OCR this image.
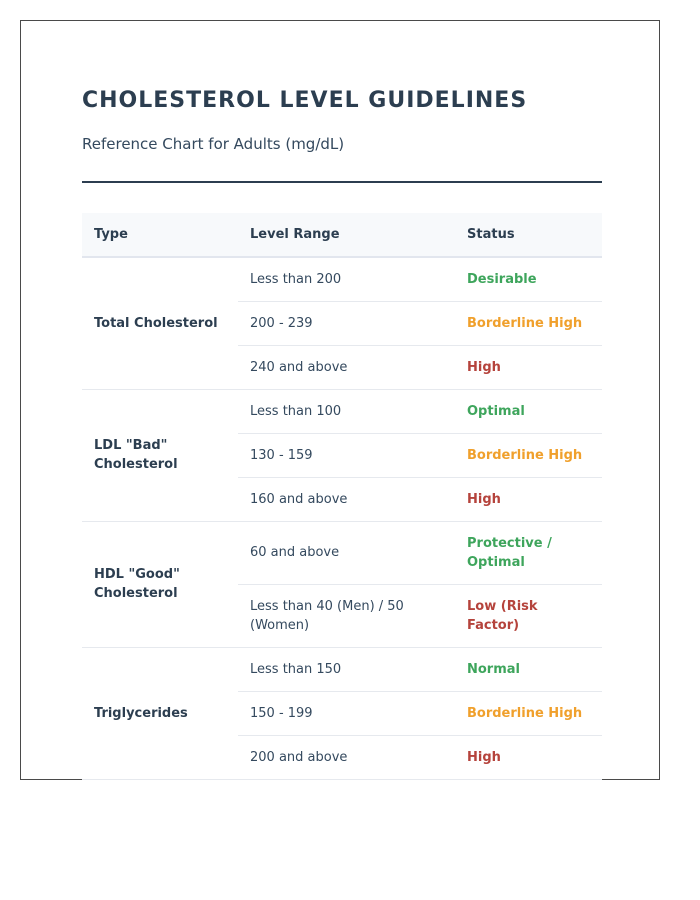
CHOLESTEROL LEVEL GUIDELINES

Reference Chart for Adults (mg/dL)

Type	Level Range	Status
Total Cholesterol	Less than 200	Desirable
	200 - 239	Borderline High
	240 and above	High
LDL "Bad" Cholesterol	Less than 100	Optimal
	130 - 159	Borderline High
	160 and above	High
HDL "Good" Cholesterol	60 and above	Protective / Optimal
	Less than 40 (Men) / 50 (Women)	Low (Risk Factor)
Triglycerides	Less than 150	Normal
	150 - 199	Borderline High
	200 and above	High
